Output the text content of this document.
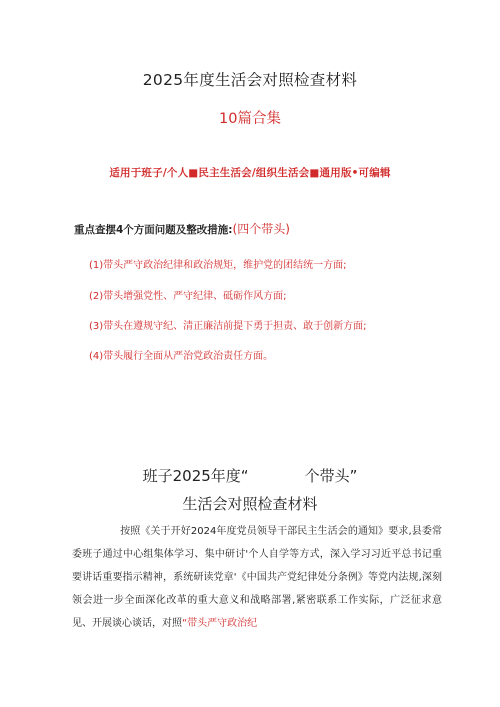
2025年度生活会对照检查材料
10篇合集
适用于班子/个人■民主生活会/组织生活会■通用版•可编辑
重点查摆4个方面问题及整改措施:(四个带头)
(1)带头严守政治纪律和政治规矩，维护党的团结统一方面;
(2)带头增强党性、严守纪律、砥砺作风方面;
(3)带头在遵规守纪、清正廉洁前提下勇于担责、敢于创新方面;
(4)带头履行全面从严治党政治责任方面。
班子2025年度“	个带头”
生活会对照检查材料
按照《关于开好2024年度党员领导干部民主生活会的通知》要求,县委常委班子通过中心组集体学习、集中研讨'个人自学等方式，深入学习习近平总书记重要讲话重要指示精神，系统研读党章'《中国共产党纪律处分条例》等党内法规,深刻领会进一步全面深化改革的重大意义和战略部署,紧密联系工作实际，广泛征求意见、开展谈心谈话，对照“带头严守政治纪
